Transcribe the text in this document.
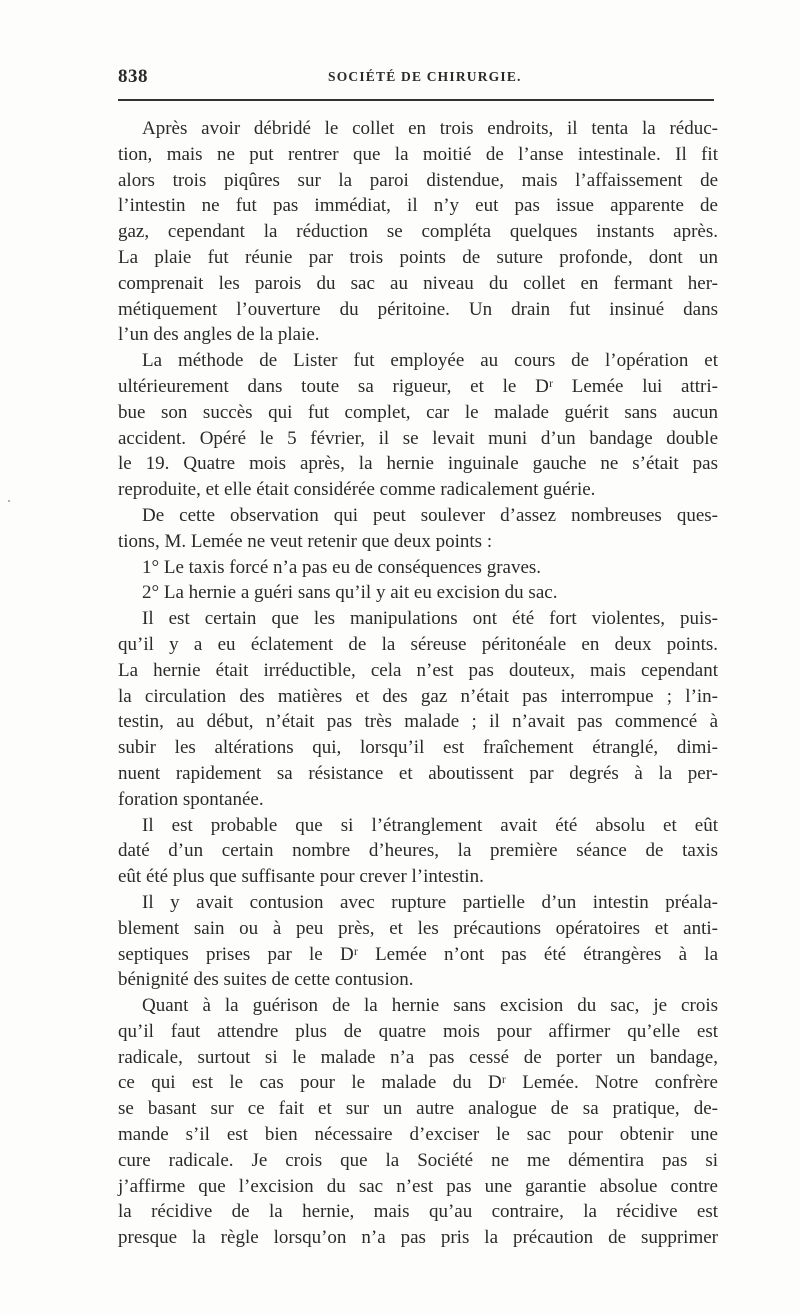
838	SOCIÉTÉ DE CHIRURGIE.
Après avoir débridé le collet en trois endroits, il tenta la réduc-
tion, mais ne put rentrer que la moitié de l’anse intestinale. Il fit
alors trois piqûres sur la paroi distendue, mais l’affaissement de
l’intestin ne fut pas immédiat, il n’y eut pas issue apparente de
gaz, cependant la réduction se compléta quelques instants après.
La plaie fut réunie par trois points de suture profonde, dont un
comprenait les parois du sac au niveau du collet en fermant her-
métiquement l’ouverture du péritoine. Un drain fut insinué dans
l’un des angles de la plaie.
La méthode de Lister fut employée au cours de l’opération et
ultérieurement dans toute sa rigueur, et le Dʳ Lemée lui attri-
bue son succès qui fut complet, car le malade guérit sans aucun
accident. Opéré le 5 février, il se levait muni d’un bandage double
le 19. Quatre mois après, la hernie inguinale gauche ne s’était pas
reproduite, et elle était considérée comme radicalement guérie.
De cette observation qui peut soulever d’assez nombreuses ques-
tions, M. Lemée ne veut retenir que deux points :
1° Le taxis forcé n’a pas eu de conséquences graves.
2° La hernie a guéri sans qu’il y ait eu excision du sac.
Il est certain que les manipulations ont été fort violentes, puis-
qu’il y a eu éclatement de la séreuse péritonéale en deux points.
La hernie était irréductible, cela n’est pas douteux, mais cependant
la circulation des matières et des gaz n’était pas interrompue ; l’in-
testin, au début, n’était pas très malade ; il n’avait pas commencé à
subir les altérations qui, lorsqu’il est fraîchement étranglé, dimi-
nuent rapidement sa résistance et aboutissent par degrés à la per-
foration spontanée.
Il est probable que si l’étranglement avait été absolu et eût
daté d’un certain nombre d’heures, la première séance de taxis
eût été plus que suffisante pour crever l’intestin.
Il y avait contusion avec rupture partielle d’un intestin préala-
blement sain ou à peu près, et les précautions opératoires et anti-
septiques prises par le Dʳ Lemée n’ont pas été étrangères à la
bénignité des suites de cette contusion.
Quant à la guérison de la hernie sans excision du sac, je crois
qu’il faut attendre plus de quatre mois pour affirmer qu’elle est
radicale, surtout si le malade n’a pas cessé de porter un bandage,
ce qui est le cas pour le malade du Dʳ Lemée. Notre confrère
se basant sur ce fait et sur un autre analogue de sa pratique, de-
mande s’il est bien nécessaire d’exciser le sac pour obtenir une
cure radicale. Je crois que la Société ne me démentira pas si
j’affirme que l’excision du sac n’est pas une garantie absolue contre
la récidive de la hernie, mais qu’au contraire, la récidive est
presque la règle lorsqu’on n’a pas pris la précaution de supprimer
